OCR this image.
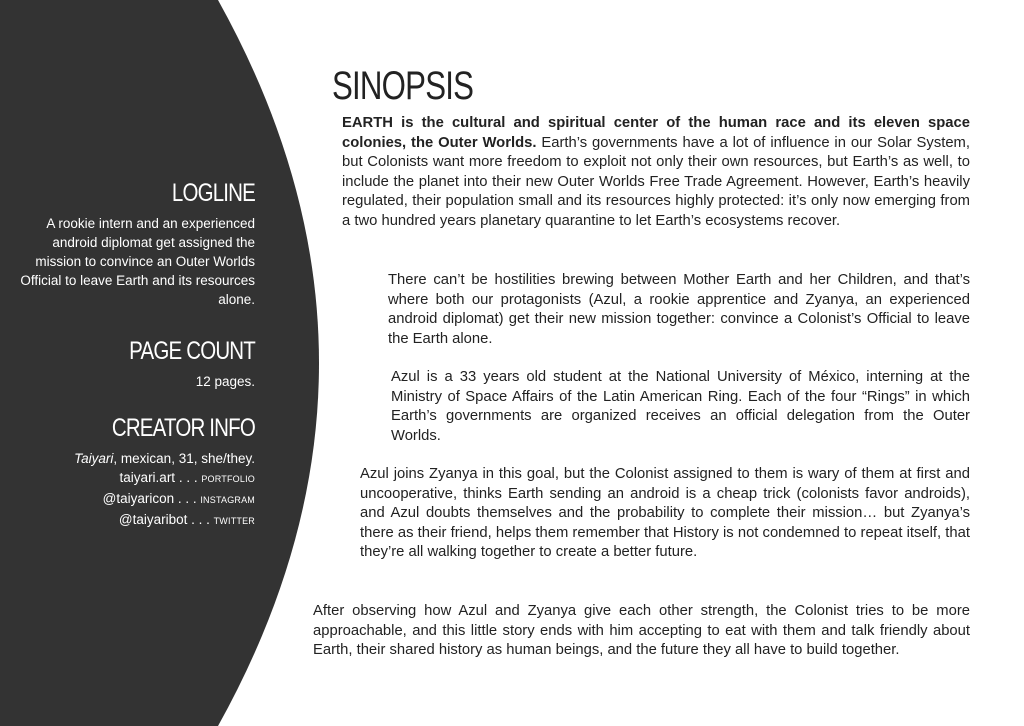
LOGLINE

A rookie intern and an experienced android diplomat get assigned the mission to convince an Outer Worlds Official to leave Earth and its resources alone.

PAGE COUNT

12 pages.

CREATOR INFO

Taiyari, mexican, 31, she/they.

taiyari.art . . . PORTFOLIO

@taiyaricon . . . INSTAGRAM

@taiyaribot . . . TWITTER

SINOPSIS

EARTH is the cultural and spiritual center of the human race and its eleven space colonies, the Outer Worlds. Earth’s governments have a lot of influence in our Solar System, but Colonists want more freedom to exploit not only their own resources, but Earth’s as well, to include the planet into their new Outer Worlds Free Trade Agreement. However, Earth’s heavily regulated, their population small and its resources highly protected: it’s only now emerging from a two hundred years planetary quarantine to let Earth’s ecosystems recover.

There can’t be hostilities brewing between Mother Earth and her Children, and that’s where both our protagonists (Azul, a rookie apprentice and Zyanya, an experienced android diplomat) get their new mission together: convince a Colonist’s Official to leave the Earth alone.

Azul is a 33 years old student at the National University of México, interning at the Ministry of Space Affairs of the Latin American Ring. Each of the four “Rings” in which Earth’s governments are organized receives an official delegation from the Outer Worlds.

Azul joins Zyanya in this goal, but the Colonist assigned to them is wary of them at first and uncooperative, thinks Earth sending an android is a cheap trick (colonists favor androids), and Azul doubts themselves and the probability to complete their mission… but Zyanya’s there as their friend, helps them remember that History is not condemned to repeat itself, that they’re all walking together to create a better future.

After observing how Azul and Zyanya give each other strength, the Colonist tries to be more approachable, and this little story ends with him accepting to eat with them and talk friendly about Earth, their shared history as human beings, and the future they all have to build together.
